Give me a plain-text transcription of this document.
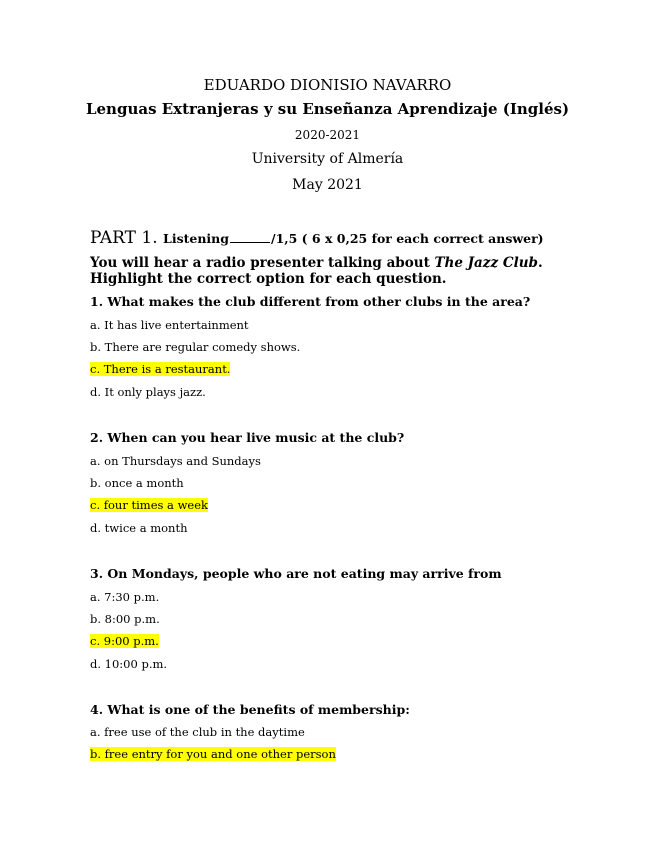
EDUARDO DIONISIO NAVARRO
Lenguas Extranjeras y su Enseñanza Aprendizaje (Inglés)
2020-2021
University of Almería
May 2021
PART 1. Listening	/1,5 ( 6 x 0,25 for each correct answer)
You will hear a radio presenter talking about The Jazz Club. Highlight the correct option for each question.
1. What makes the club different from other clubs in the area?
a. It has live entertainment
b. There are regular comedy shows.
c. There is a restaurant.
d. It only plays jazz.
2. When can you hear live music at the club?
a. on Thursdays and Sundays
b. once a month
c. four times a week
d. twice a month
3. On Mondays, people who are not eating may arrive from
a. 7:30 p.m.
b. 8:00 p.m.
c. 9:00 p.m.
d. 10:00 p.m.
4. What is one of the benefits of membership:
a. free use of the club in the daytime
b. free entry for you and one other person
